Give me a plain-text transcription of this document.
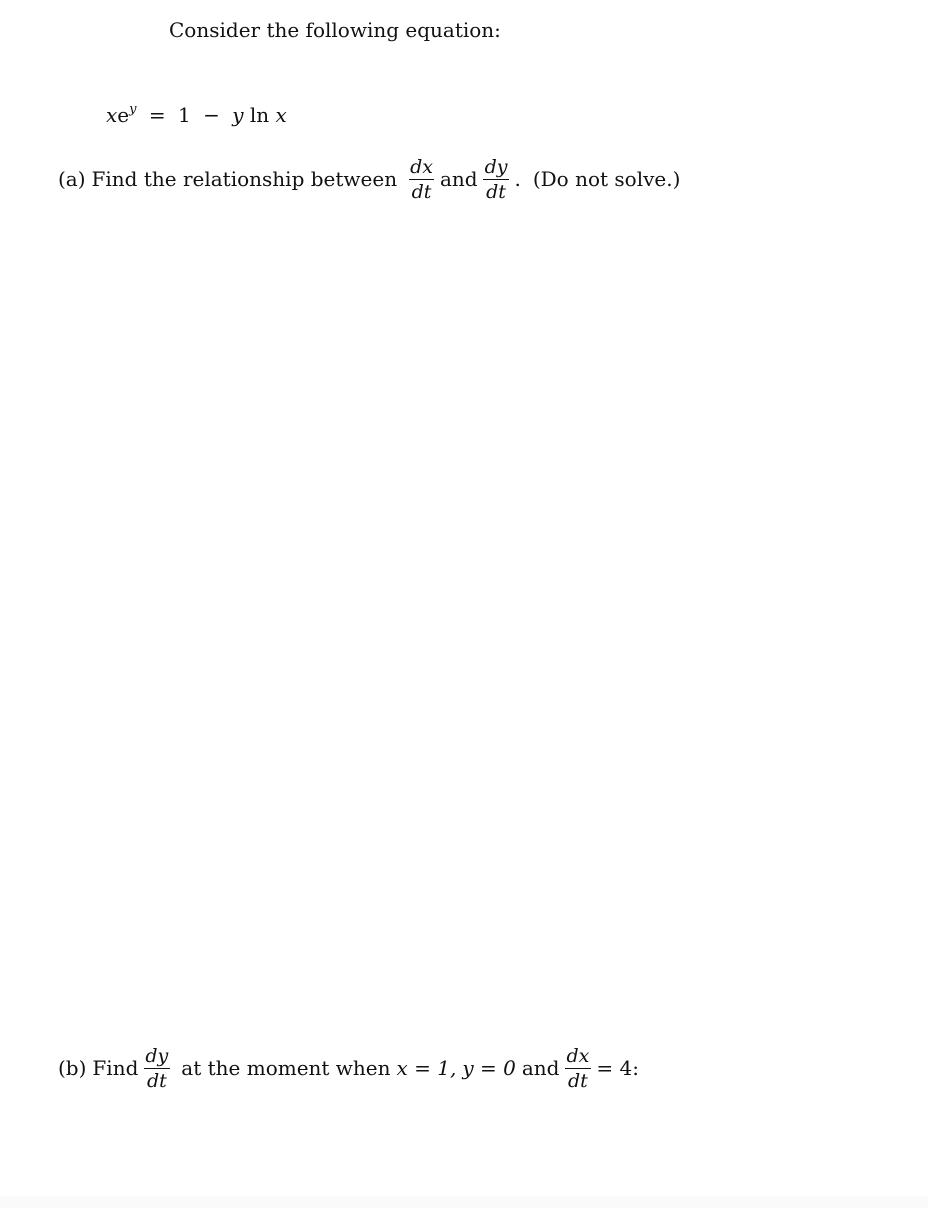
Consider the following equation:
$xe^y = 1 - y$ ln x
(a) Find the relationship between $\frac{dx}{dt}$ and $\frac{dy}{dt}$ . (Do not solve.)
(b) Find $\frac{dy}{dt}$ at the moment when x = 1, y = 0 and $\frac{dx}{dt} = 4$:
